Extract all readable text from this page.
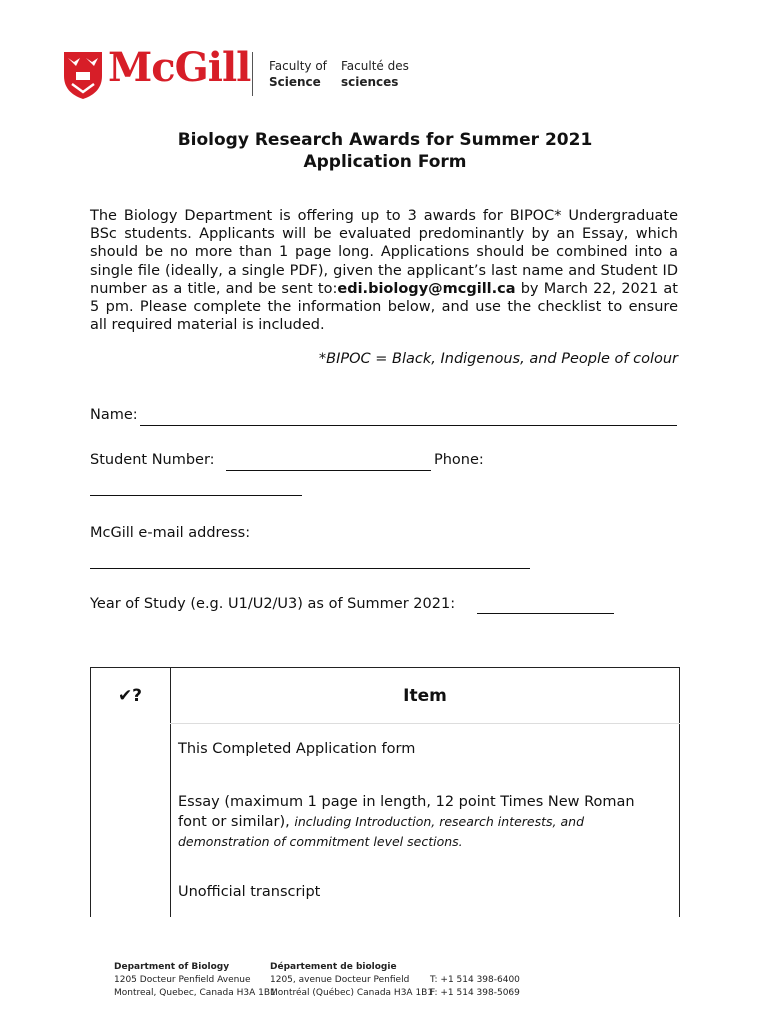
McGill Faculty of
Science
Faculté des
sciences
Biology Research Awards for Summer 2021
Application Form
The Biology Department is offering up to 3 awards for BIPOC* Undergraduate BSc students. Applicants will be evaluated predominantly by an Essay, which should be no more than 1 page long. Applications should be combined into a single file (ideally, a single PDF), given the applicant’s last name and Student ID number as a title, and be sent to:edi.biology@mcgill.ca by March 22, 2021 at 5 pm. Please complete the information below, and use the checklist to ensure all required material is included.
*BIPOC = Black, Indigenous, and People of colour
Name:
Student Number:	Phone:
McGill e-mail address:
Year of Study (e.g. U1/U2/U3) as of Summer 2021:
✔?	Item
This Completed Application form
Essay (maximum 1 page in length, 12 point Times New Roman font or similar), including Introduction, research interests, and demonstration of commitment level sections.
Unofficial transcript
Department of Biology
1205 Docteur Penfield Avenue
Montreal, Quebec, Canada H3A 1B1
Département de biologie
1205, avenue Docteur Penfield
Montréal (Québec) Canada H3A 1B1
T: +1 514 398-6400
F: +1 514 398-5069
